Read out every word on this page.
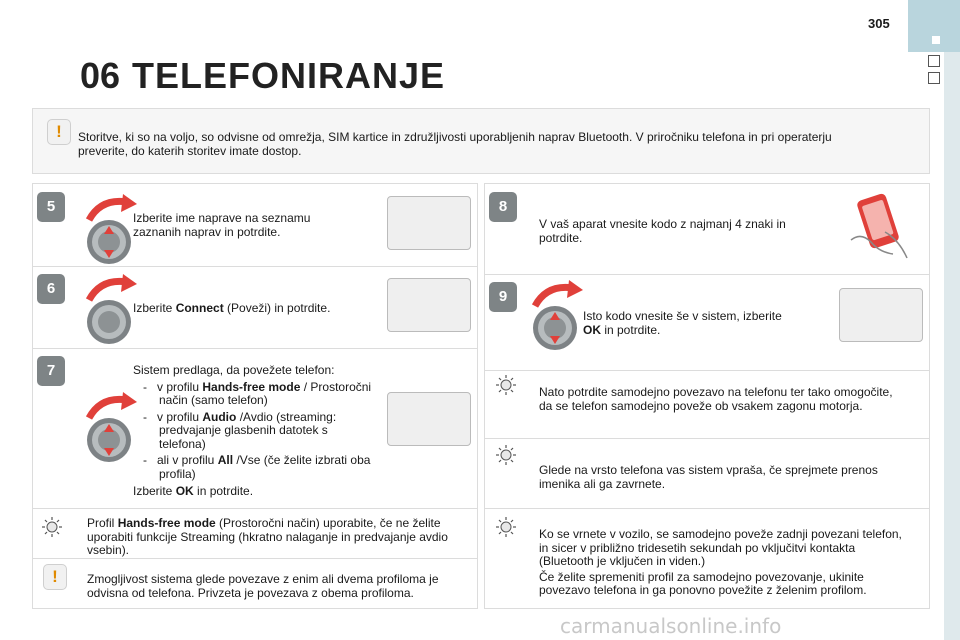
305
06 TELEFONIRANJE
!	Storitve, ki so na voljo, so odvisne od omrežja, SIM kartice in združljivosti uporabljenih naprav Bluetooth. V priročniku telefona in pri operaterju preverite, do katerih storitev imate dostop.
5
Izberite ime naprave na seznamu
zaznanih naprav in potrdite.
6
Izberite Connect (Poveži) in potrdite.
7	Sistem predlaga, da povežete telefon:
-   v profilu Hands-free mode / Prostoročni način (samo telefon)
-   v profilu Audio /Avdio (streaming: predvajanje glasbenih datotek s telefona)
-   ali v profilu All /Vse (če želite izbrati oba profila)
Izberite OK in potrdite.
Profil Hands-free mode (Prostoročni način) uporabite, če ne želite uporabiti funkcije Streaming (hkratno nalaganje in predvajanje avdio vsebin).
!	Zmogljivost sistema glede povezave z enim ali dvema profiloma je odvisna od telefona. Privzeta je povezava z obema profiloma.
8
V vaš aparat vnesite kodo z najmanj 4 znaki in potrdite.
9
Isto kodo vnesite še v sistem, izberite
OK in potrdite.
Nato potrdite samodejno povezavo na telefonu ter tako omogočite, da se telefon samodejno poveže ob vsakem zagonu motorja.
Glede na vrsto telefona vas sistem vpraša, če sprejmete prenos imenika ali ga zavrnete.
Ko se vrnete v vozilo, se samodejno poveže zadnji povezani telefon, in sicer v približno tridesetih sekundah po vključitvi kontakta (Bluetooth je vključen in viden.)
Če želite spremeniti profil za samodejno povezovanje, ukinite povezavo telefona in ga ponovno povežite z želenim profilom.
carmanualsonline.info
